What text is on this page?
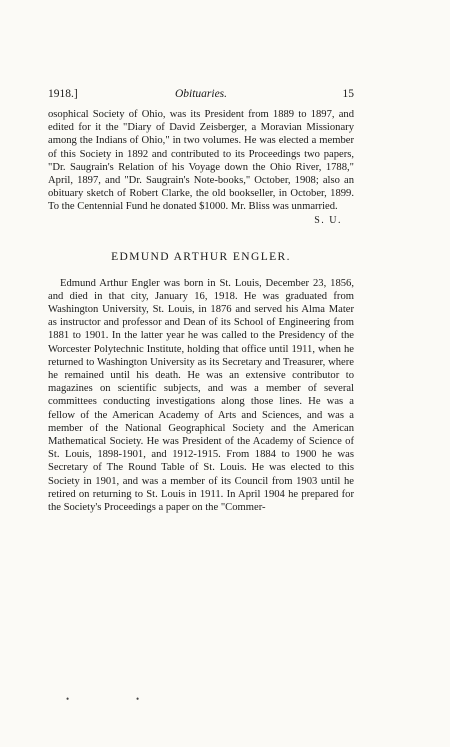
1918.]	Obituaries.	15

osophical Society of Ohio, was its President from 1889 to 1897, and edited for it the "Diary of David Zeisberger, a Moravian Missionary among the Indians of Ohio," in two volumes. He was elected a member of this Society in 1892 and contributed to its Proceedings two papers, "Dr. Saugrain's Relation of his Voyage down the Ohio River, 1788," April, 1897, and "Dr. Saugrain's Note-books," October, 1908; also an obituary sketch of Robert Clarke, the old bookseller, in October, 1899. To the Centennial Fund he donated $1000. Mr. Bliss was unmarried.

S. U.

EDMUND ARTHUR ENGLER.

Edmund Arthur Engler was born in St. Louis, December 23, 1856, and died in that city, January 16, 1918. He was graduated from Washington University, St. Louis, in 1876 and served his Alma Mater as instructor and professor and Dean of its School of Engineering from 1881 to 1901. In the latter year he was called to the Presidency of the Worcester Polytechnic Institute, holding that office until 1911, when he returned to Washington University as its Secretary and Treasurer, where he remained until his death. He was an extensive contributor to magazines on scientific subjects, and was a member of several committees conducting investigations along those lines. He was a fellow of the American Academy of Arts and Sciences, and was a member of the National Geographical Society and the American Mathematical Society. He was President of the Academy of Science of St. Louis, 1898-1901, and 1912-1915. From 1884 to 1900 he was Secretary of The Round Table of St. Louis. He was elected to this Society in 1901, and was a member of its Council from 1903 until he retired on returning to St. Louis in 1911. In April 1904 he prepared for the Society's Proceedings a paper on the "Commer-

•	•
